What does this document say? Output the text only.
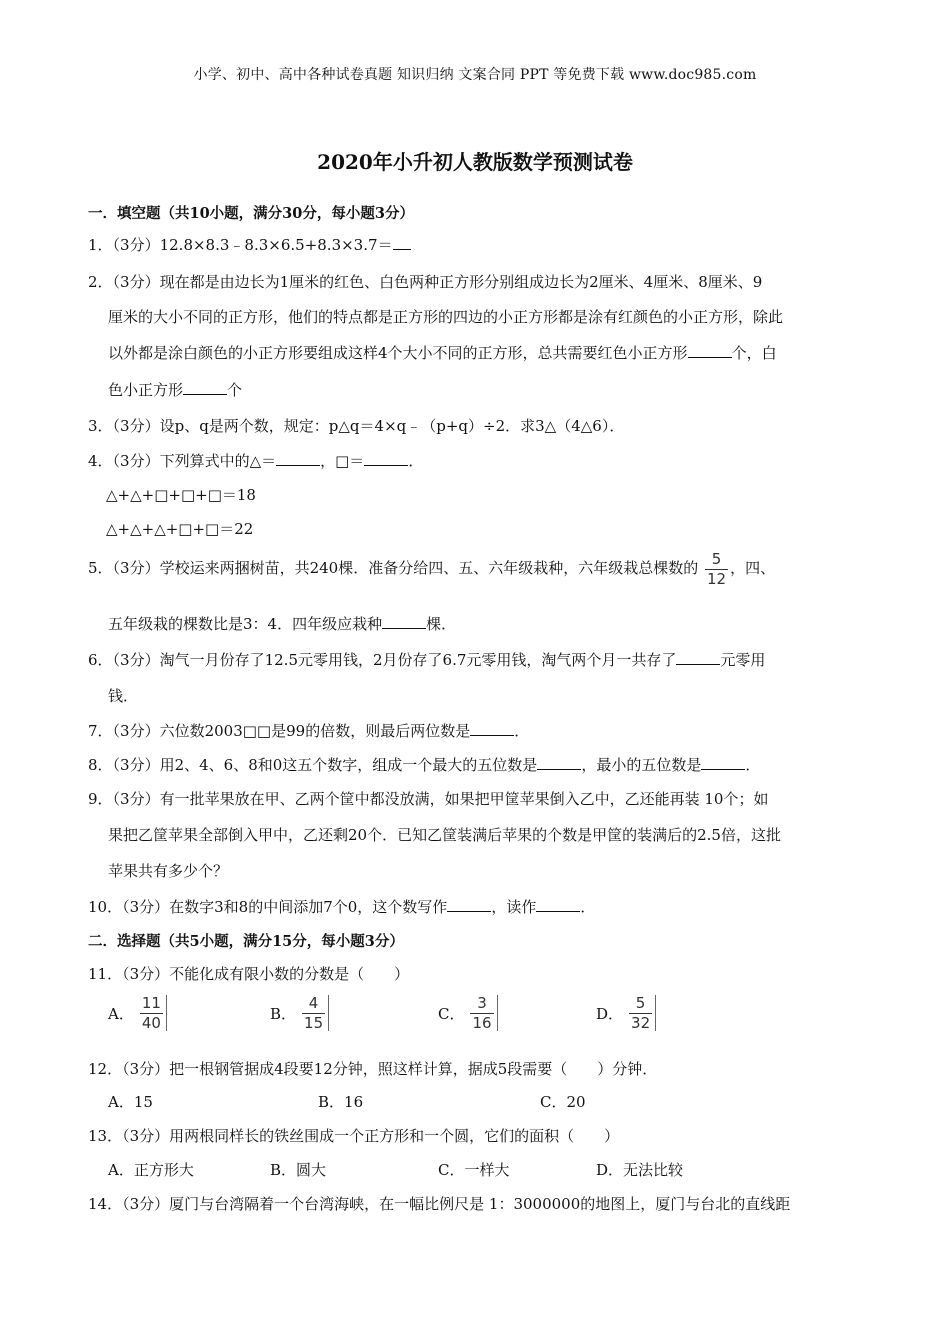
小学、初中、高中各种试卷真题 知识归纳 文案合同 PPT 等免费下载 www.doc985.com
2020年小升初人教版数学预测试卷
一．填空题（共10小题，满分30分，每小题3分）
1．（3分）12.8×8.3﹣8.3×6.5+8.3×3.7＝
2．（3分）现在都是由边长为1厘米的红色、白色两种正方形分别组成边长为2厘米、4厘米、8厘米、9
厘米的大小不同的正方形，他们的特点都是正方形的四边的小正方形都是涂有红颜色的小正方形，除此
以外都是涂白颜色的小正方形要组成这样4个大小不同的正方形，总共需要红色小正方形	个，白
色小正方形	个
3．（3分）设p、q是两个数，规定：p△q＝4×q﹣（p+q）÷2．求3△（4△6）．
4．（3分）下列算式中的△＝	，□＝	．
△+△+□+□+□＝18
△+△+△+□+□＝22
5．（3分）学校运来两捆树苗，共240棵．准备分给四、五、六年级栽种，六年级栽总棵数的 $\frac{5}{12}$ ，四、
五年级栽的棵数比是3：4．四年级应栽种	棵．
6．（3分）淘气一月份存了12.5元零用钱，2月份存了6.7元零用钱，淘气两个月一共存了	元零用
钱．
7．（3分）六位数2003□□是99的倍数，则最后两位数是	．
8．（3分）用2、4、6、8和0这五个数字，组成一个最大的五位数是	，最小的五位数是	．
9．（3分）有一批苹果放在甲、乙两个筐中都没放满，如果把甲筐苹果倒入乙中，乙还能再装 10个；如
果把乙筐苹果全部倒入甲中，乙还剩20个．已知乙筐装满后苹果的个数是甲筐的装满后的2.5倍，这批
苹果共有多少个？
10．（3分）在数字3和8的中间添加7个0，这个数写作	，读作	．
二．选择题（共5小题，满分15分，每小题3分）
11．（3分）不能化成有限小数的分数是（　　）
A． $\frac{11}{40}$	B． $\frac{4}{15}$	C． $\frac{3}{16}$	D． $\frac{5}{32}$
12．（3分）把一根钢管据成4段要12分钟，照这样计算，据成5段需要（　　）分钟．
A．15	B．16	C．20
13．（3分）用两根同样长的铁丝围成一个正方形和一个圆，它们的面积（　　）
A．正方形大	B．圆大	C．一样大	D．无法比较
14．（3分）厦门与台湾隔着一个台湾海峡，在一幅比例尺是 1：3000000的地图上，厦门与台北的直线距
